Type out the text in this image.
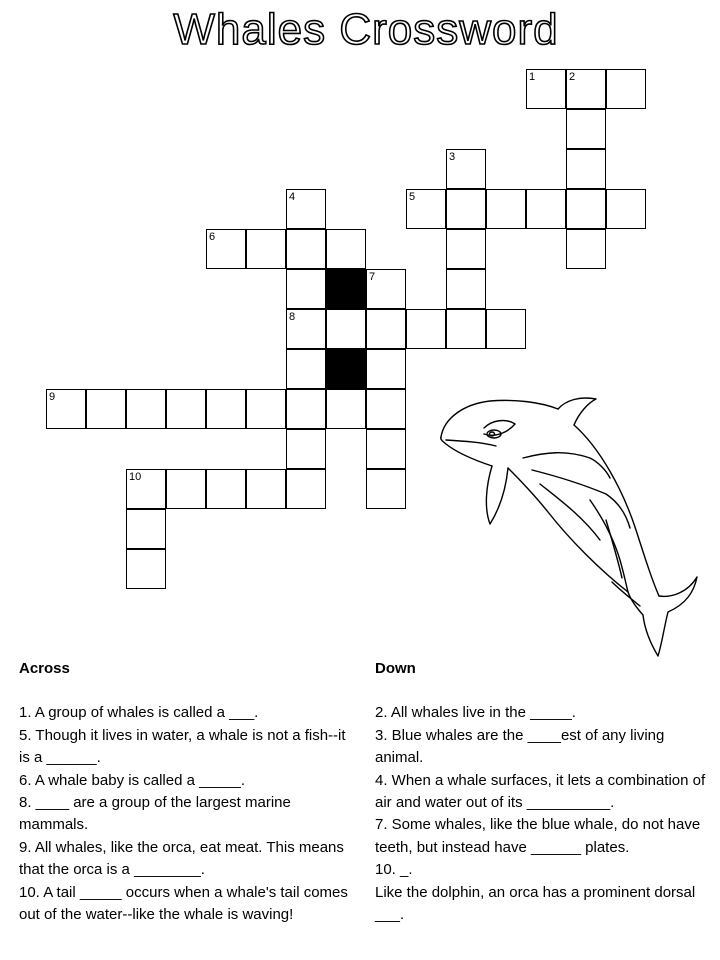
Whales Crossword
1	2
3
4	5
6
7
8
9
10
Across

1. A group of whales is called a ___.

5. Though it lives in water, a whale is not a fish--it is a ______.

6. A whale baby is called a _____.

8. ____ are a group of the largest marine mammals.

9. All whales, like the orca, eat meat. This means that the orca is a ________.

10. A tail _____ occurs when a whale's tail comes out of the water--like the whale is waving!

Down

2. All whales live in the _____.

3. Blue whales are the ____est of any living animal.

4. When a whale surfaces, it lets a combination of air and water out of its __________.

7. Some whales, like the blue whale, do not have teeth, but instead have ______ plates.

10. _.

Like the dolphin, an orca has a prominent dorsal ___.
